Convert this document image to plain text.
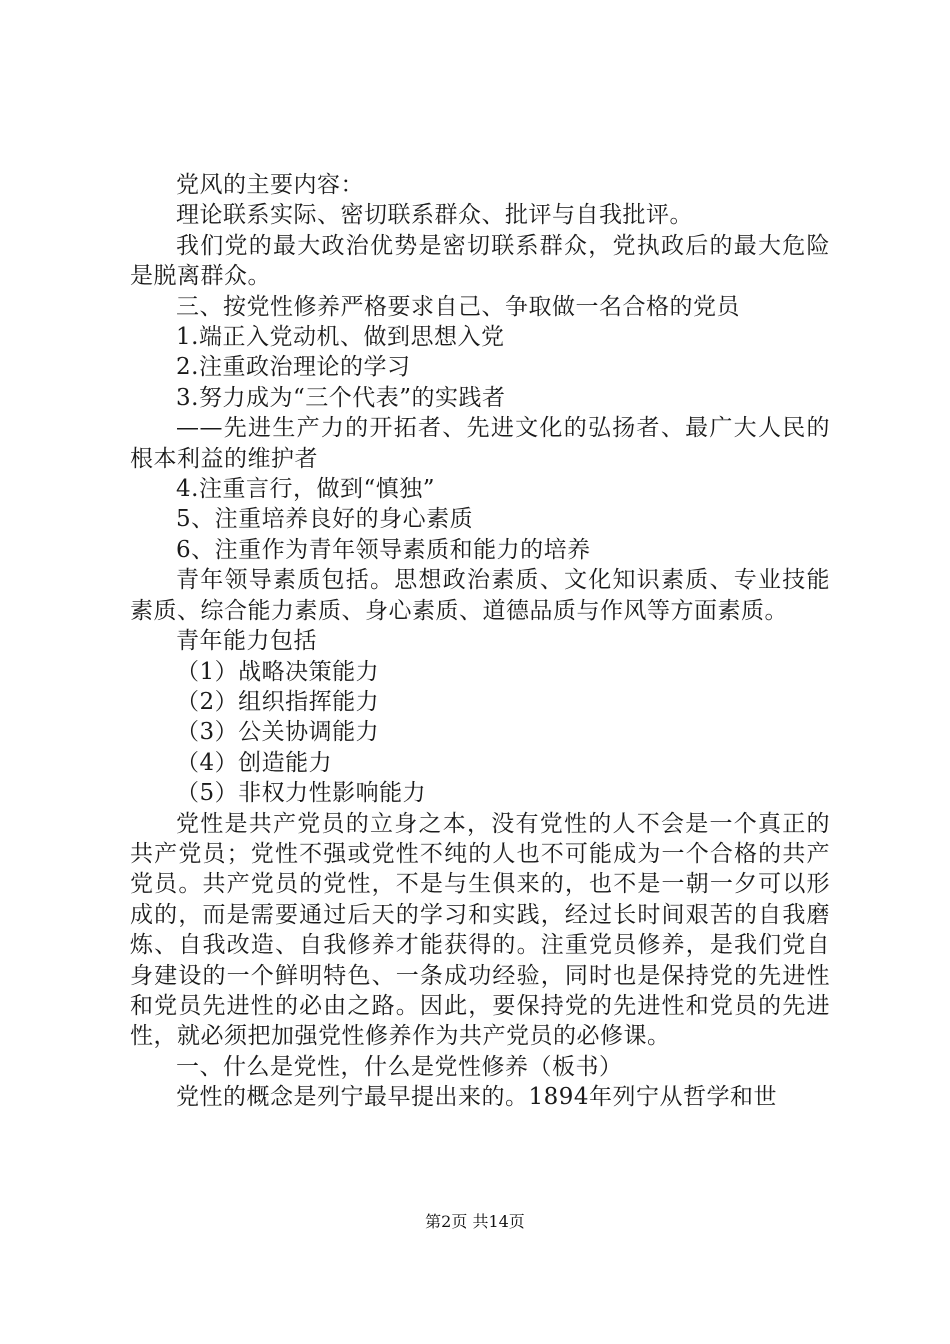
党风的主要内容：

理论联系实际、密切联系群众、批评与自我批评。

我们党的最大政治优势是密切联系群众，党执政后的最大危险是脱离群众。

三、按党性修养严格要求自己、争取做一名合格的党员

1.端正入党动机、做到思想入党

2.注重政治理论的学习

3.努力成为“三个代表”的实践者

——先进生产力的开拓者、先进文化的弘扬者、最广大人民的根本利益的维护者

4.注重言行，做到“慎独”

5、注重培养良好的身心素质

6、注重作为青年领导素质和能力的培养

青年领导素质包括。思想政治素质、文化知识素质、专业技能素质、综合能力素质、身心素质、道德品质与作风等方面素质。

青年能力包括

（1）战略决策能力

（2）组织指挥能力

（3）公关协调能力

（4）创造能力

（5）非权力性影响能力

党性是共产党员的立身之本，没有党性的人不会是一个真正的共产党员；党性不强或党性不纯的人也不可能成为一个合格的共产党员。共产党员的党性，不是与生俱来的，也不是一朝一夕可以形成的，而是需要通过后天的学习和实践，经过长时间艰苦的自我磨炼、自我改造、自我修养才能获得的。注重党员修养，是我们党自身建设的一个鲜明特色、一条成功经验，同时也是保持党的先进性和党员先进性的必由之路。因此，要保持党的先进性和党员的先进性，就必须把加强党性修养作为共产党员的必修课。

一、什么是党性，什么是党性修养（板书）

党性的概念是列宁最早提出来的。1894年列宁从哲学和世

第2页 共14页
